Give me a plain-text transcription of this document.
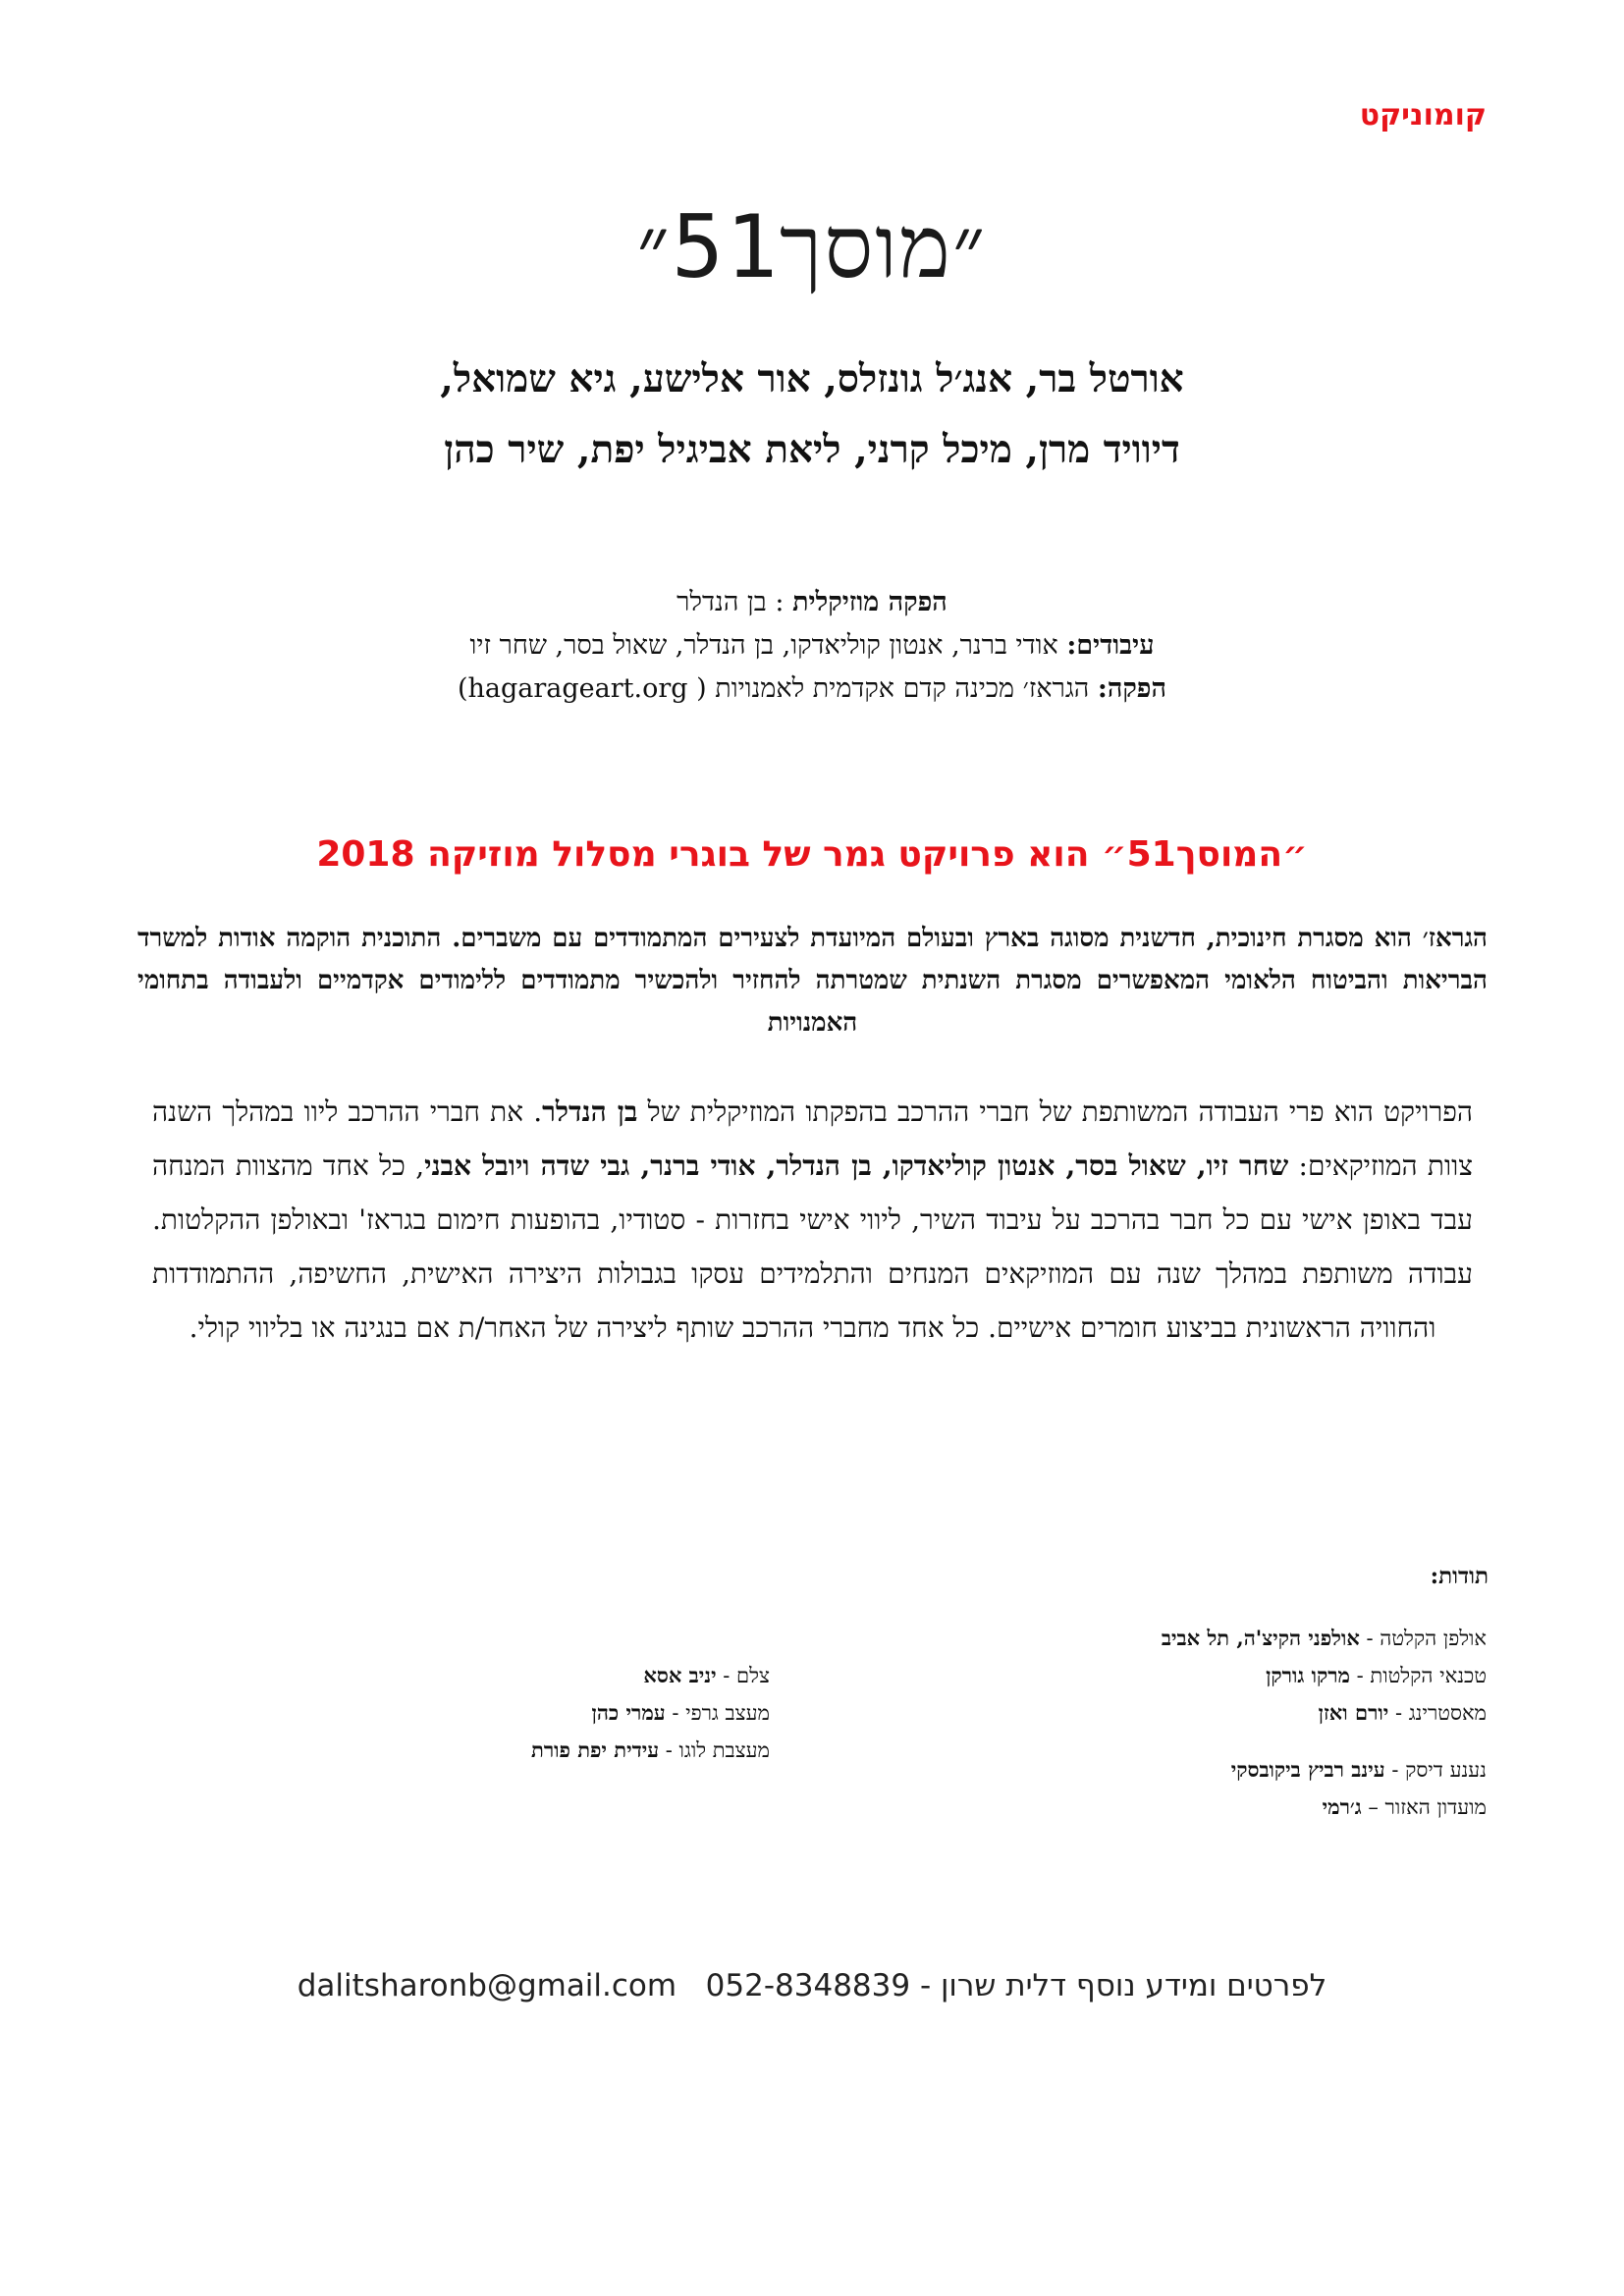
קומוניקט
״מוסך51״
אורטל בר, אנג׳ל גונזלס, אור אלישע, גיא שמואל,
דיוויד מרן, מיכל קרני, ליאת אביגיל יפת, שיר כהן
הפקה מוזיקלית : בן הנדלר
עיבודים: אודי ברנר, אנטון קוליאדקו, בן הנדלר, שאול בסר, שחר זיו
הפקה: הגראז׳ מכינה קדם אקדמית לאמנויות ( hagarageart.org)
״המוסך51״ הוא פרויקט גמר של בוגרי מסלול מוזיקה 2018
הגראז׳ הוא מסגרת חינוכית, חדשנית מסוגה בארץ ובעולם המיועדת לצעירים המתמודדים עם משברים. התוכנית הוקמה אודות למשרד הבריאות והביטוח הלאומי המאפשרים מסגרת השנתית שמטרתה להחזיר ולהכשיר מתמודדים ללימודים אקדמיים ולעבודה בתחומי האמנויות
הפרויקט הוא פרי העבודה המשותפת של חברי ההרכב בהפקתו המוזיקלית של בן הנדלר. את חברי ההרכב ליוו במהלך השנה צוות המוזיקאים: שחר זיו, שאול בסר, אנטון קוליאדקו, בן הנדלר, אודי ברנר, גבי שדה ויובל אבני, כל אחד מהצוות המנחה עבד באופן אישי עם כל חבר בהרכב על עיבוד השיר, ליווי אישי בחזרות - סטודיו, בהופעות חימום בגראז' ובאולפן ההקלטות. עבודה משותפת במהלך שנה עם המוזיקאים המנחים והתלמידים עסקו בגבולות היצירה האישית, החשיפה, ההתמודדות והחוויה הראשונית בביצוע חומרים אישיים. כל אחד מחברי ההרכב שותף ליצירה של האחר/ת אם בנגינה או בליווי קולי.
תודות:
אולפן הקלטה - אולפני הקיצ'ה, תל אביב
טכנאי הקלטות - מרקו גורקן
מאסטרינג - יורם ואזן
נענע דיסק - עינב רביץ ביקובסקי
מועדון האזור – ג׳רמי
צלם - יניב אסא
מעצב גרפי - עמרי כהן
מעצבת לוגו - עידית יפת פורת
לפרטים ומידע נוסף דלית שרון - 052-8348839   dalitsharonb@gmail.com
